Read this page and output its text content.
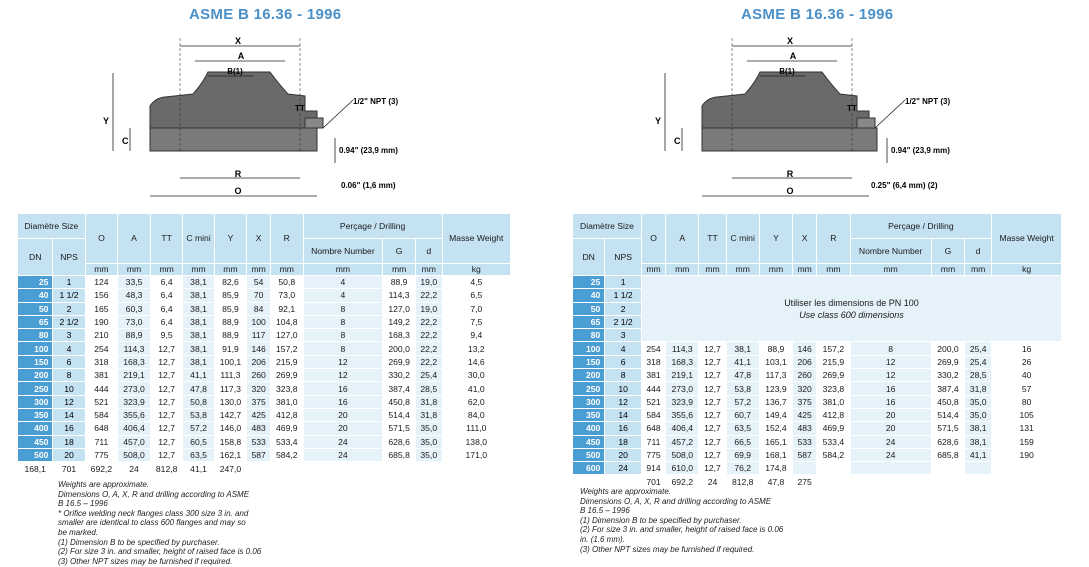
ASME B 16.36 - 1996
X
A
B(1)
TT
1/2" NPT (3)
Y
C
R
O
0.94" (23,9 mm)
0.06" (1,6 mm)
Diamètre Size		O	A	TT	C mini	Y	X	R	Perçage / Drilling			Masse Weight
DN	NPS								Nombre Number	G	d	
		mm	mm	mm	mm	mm	mm	mm	mm	mm	mm	kg
25	1	124	33,5	6,4	38,1	82,6	54	50,8	4	88,9	19,0	4,5
40	1 1/2	156	48,3	6,4	38,1	85,9	70	73,0	4	114,3	22,2	6,5
50	2	165	60,3	6,4	38,1	85,9	84	92,1	8	127,0	19,0	7,0
65	2 1/2	190	73,0	6,4	38,1	88,9	100	104,8	8	149,2	22,2	7,5
80	3	210	88,9	9,5	38,1	88,9	117	127,0	8	168,3	22,2	9,4
100	4	254	114,3	12,7	38,1	91,9	146	157,2	8	200,0	22,2	13,2
150	6	318	168,3	12,7	38,1	100,1	206	215,9	12	269,9	22,2	14,6
200	8	381	219,1	12,7	41,1	111,3	260	269,9	12	330,2	25,4	30,0
250	10	444	273,0	12,7	47,8	117,3	320	323,8	16	387,4	28,5	41,0
300	12	521	323,9	12,7	50,8	130,0	375	381,0	16	450,8	31,8	62,0
350	14	584	355,6	12,7	53,8	142,7	425	412,8	20	514,4	31,8	84,0
400	16	648	406,4	12,7	57,2	146,0	483	469,9	20	571,5	35,0	111,0
450	18	711	457,0	12,7	60,5	158,8	533	533,4	24	628,6	35,0	138,0
500	20	775	508,0	12,7	63,5	162,1	587	584,2	24	685,8	35,0	171,0
168,1	701	692,2	24	812,8	41,1	247,0						
Weights are approximate.
Dimensions O, A, X, R and drilling according to ASME
B 16.5 – 1996
* Orifice welding neck flanges class 300 size 3 in. and
smaller are identical to class 600 flanges and may so
be marked.
(1) Dimension B to be specified by purchaser.
(2) For size 3 in. and smaller, height of raised face is 0.06
(3) Other NPT sizes may be furnished if required.
ASME B 16.36 - 1996
X
A
B(1)
TT
1/2" NPT (3)
Y
C
R
O
0.94" (23,9 mm)
0.25" (6,4 mm) (2)
Diamètre Size		O	A	TT	C mini	Y	X	R	Perçage / Drilling			Masse Weight
DN	NPS								Nombre Number	G	d	
		mm	mm	mm	mm	mm	mm	mm	mm	mm	mm	kg
25	1	Utiliser les dimensions de PN 100
Use class 600 dimensions										

40	1 1/2											
50	2											
65	2 1/2											
80	3											
100	4	254	114,3	12,7	38,1	88,9	146	157,2	8	200,0	25,4	16
150	6	318	168,3	12,7	41,1	103,1	206	215,9	12	269,9	25,4	26
200	8	381	219,1	12,7	47,8	117,3	260	269,9	12	330,2	28,5	40
250	10	444	273,0	12,7	53,8	123,9	320	323,8	16	387,4	31,8	57
300	12	521	323,9	12,7	57,2	136,7	375	381,0	16	450,8	35,0	80
350	14	584	355,6	12,7	60,7	149,4	425	412,8	20	514,4	35,0	105
400	16	648	406,4	12,7	63,5	152,4	483	469,9	20	571,5	38,1	131
450	18	711	457,2	12,7	66,5	165,1	533	533,4	24	628,6	38,1	159
500	20	775	508,0	12,7	69,9	168,1	587	584,2	24	685,8	41,1	190
600	24	914	610,0	12,7	76,2	174,8						
		701	692,2	24	812,8	47,8	275					
Weights are approximate.
Dimensions O, A, X, R and drilling according to ASME
B 16.5 – 1996
(1) Dimension B to be specified by purchaser.
(2) For size 3 in. and smaller, height of raised face is 0.06
in. (1.6 mm).
(3) Other NPT sizes may be furnished if required.
